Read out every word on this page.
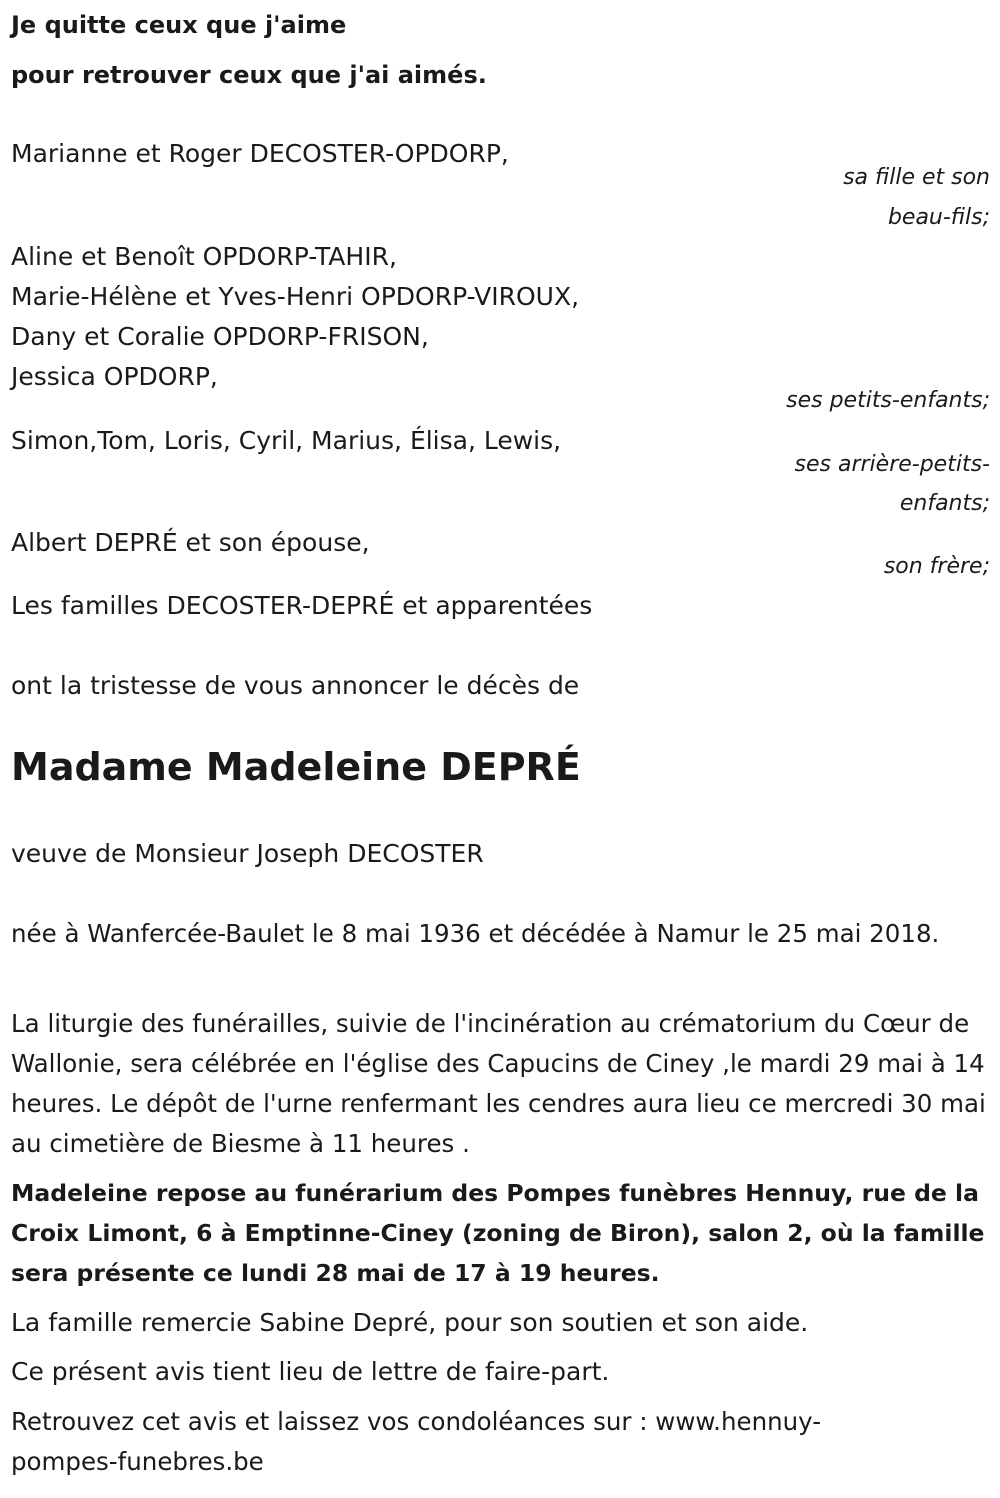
Je quitte ceux que j'aime
pour retrouver ceux que j'ai aimés.
Marianne et Roger DECOSTER-OPDORP,
sa fille et son
beau-fils;
Aline et Benoît OPDORP-TAHIR,
Marie-Hélène et Yves-Henri OPDORP-VIROUX,
Dany et Coralie OPDORP-FRISON,
Jessica OPDORP,
ses petits-enfants;
Simon,Tom, Loris, Cyril, Marius, Élisa, Lewis,
ses arrière-petits-
enfants;
Albert DEPRÉ et son épouse,
son frère;
Les familles DECOSTER-DEPRÉ et apparentées
ont la tristesse de vous annoncer le décès de
Madame Madeleine DEPRÉ
veuve de Monsieur Joseph DECOSTER
née à Wanfercée-Baulet le 8 mai 1936 et décédée à Namur le 25 mai 2018.
La liturgie des funérailles, suivie de l'incinération au crématorium du Cœur de Wallonie, sera célébrée en l'église des Capucins de Ciney ,le mardi 29 mai à 14 heures. Le dépôt de l'urne renfermant les cendres aura lieu ce mercredi 30 mai au cimetière de Biesme à 11 heures .
Madeleine repose au funérarium des Pompes funèbres Hennuy, rue de la Croix Limont, 6 à Emptinne-Ciney (zoning de Biron), salon 2, où la famille sera présente ce lundi 28 mai de 17 à 19 heures.
La famille remercie Sabine Depré, pour son soutien et son aide.
Ce présent avis tient lieu de lettre de faire-part.
Retrouvez cet avis et laissez vos condoléances sur : www.hennuy-pompes-funebres.be
